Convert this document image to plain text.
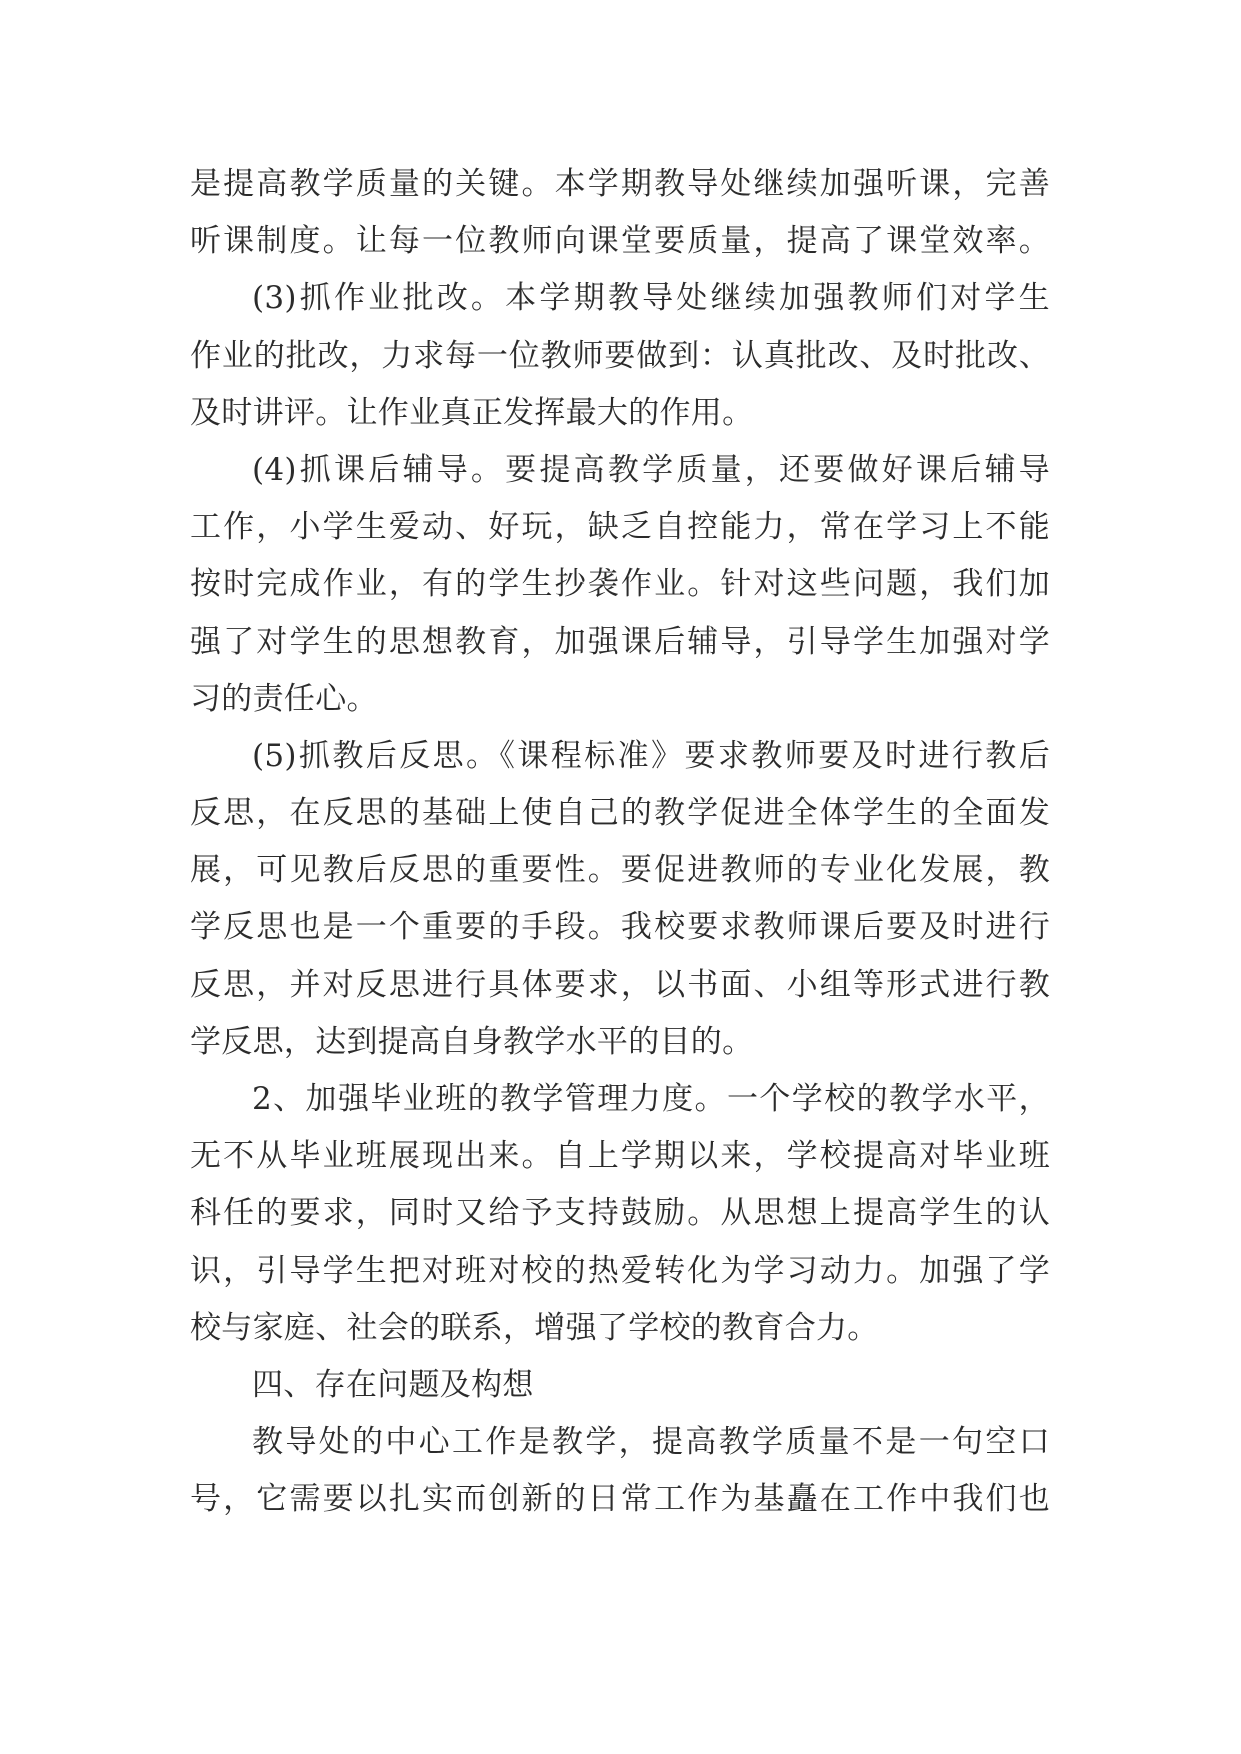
是提高教学质量的关键。本学期教导处继续加强听课，完善
听课制度。让每一位教师向课堂要质量，提高了课堂效率。
(3)抓作业批改。本学期教导处继续加强教师们对学生
作业的批改，力求每一位教师要做到：认真批改、及时批改、
及时讲评。让作业真正发挥最大的作用。
(4)抓课后辅导。要提高教学质量，还要做好课后辅导
工作，小学生爱动、好玩，缺乏自控能力，常在学习上不能
按时完成作业，有的学生抄袭作业。针对这些问题，我们加
强了对学生的思想教育，加强课后辅导，引导学生加强对学
习的责任心。
(5)抓教后反思。《课程标准》要求教师要及时进行教后
反思，在反思的基础上使自己的教学促进全体学生的全面发
展，可见教后反思的重要性。要促进教师的专业化发展，教
学反思也是一个重要的手段。我校要求教师课后要及时进行
反思，并对反思进行具体要求，以书面、小组等形式进行教
学反思，达到提高自身教学水平的目的。
2、加强毕业班的教学管理力度。一个学校的教学水平，
无不从毕业班展现出来。自上学期以来，学校提高对毕业班
科任的要求，同时又给予支持鼓励。从思想上提高学生的认
识，引导学生把对班对校的热爱转化为学习动力。加强了学
校与家庭、社会的联系，增强了学校的教育合力。
四、存在问题及构想
教导处的中心工作是教学，提高教学质量不是一句空口
号，它需要以扎实而创新的日常工作为基矗在工作中我们也
